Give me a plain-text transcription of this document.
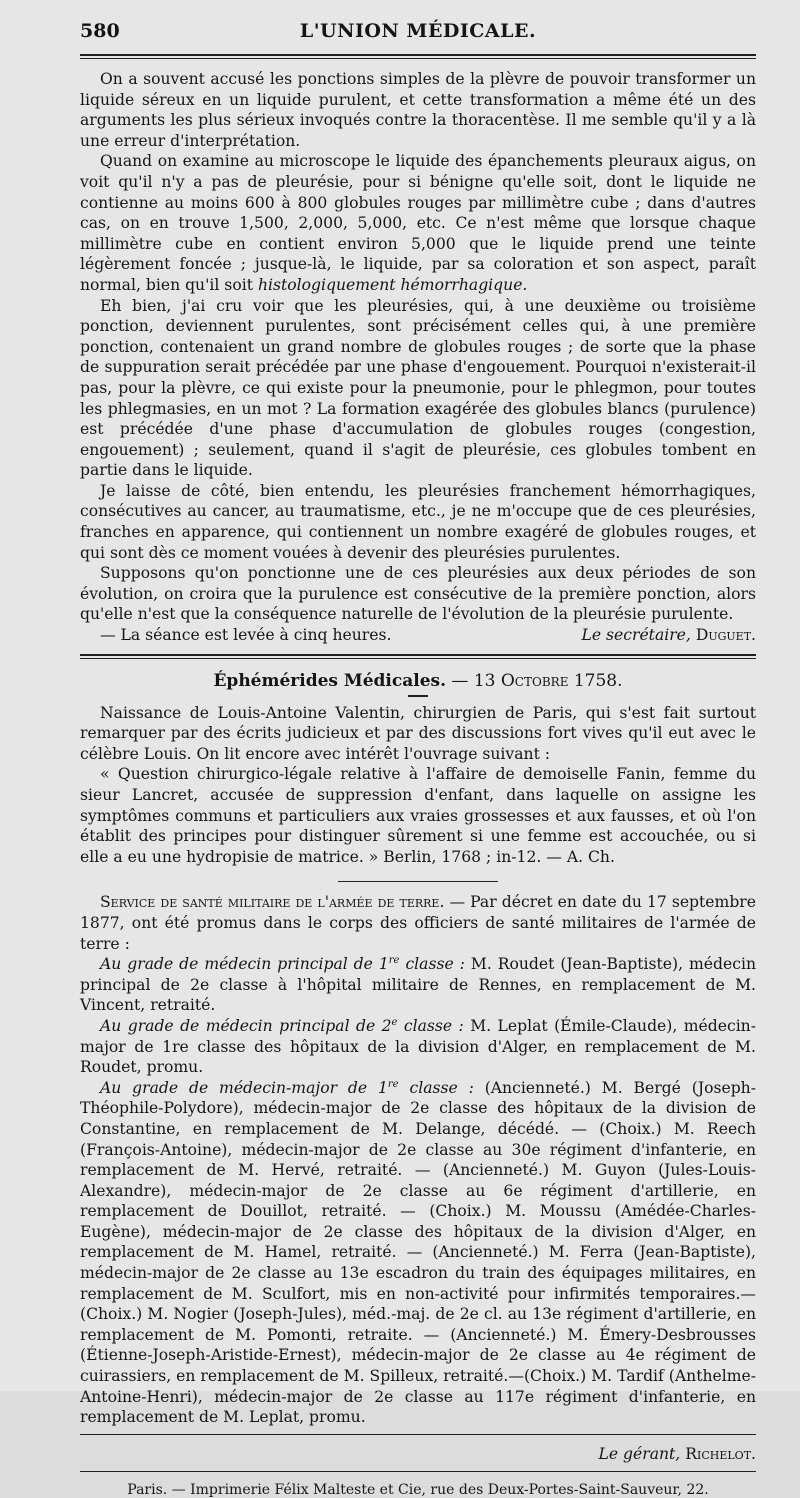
580	L'UNION MÉDICALE.

On a souvent accusé les ponctions simples de la plèvre de pouvoir transformer un liquide séreux en un liquide purulent, et cette transformation a même été un des arguments les plus sérieux invoqués contre la thoracentèse. Il me semble qu'il y a là une erreur d'interprétation.

Quand on examine au microscope le liquide des épanchements pleuraux aigus, on voit qu'il n'y a pas de pleurésie, pour si bénigne qu'elle soit, dont le liquide ne contienne au moins 600 à 800 globules rouges par millimètre cube ; dans d'autres cas, on en trouve 1,500, 2,000, 5,000, etc. Ce n'est même que lorsque chaque millimètre cube en contient environ 5,000 que le liquide prend une teinte légèrement foncée ; jusque-là, le liquide, par sa coloration et son aspect, paraît normal, bien qu'il soit histologiquement hémorrhagique.

Eh bien, j'ai cru voir que les pleurésies, qui, à une deuxième ou troisième ponction, deviennent purulentes, sont précisément celles qui, à une première ponction, contenaient un grand nombre de globules rouges ; de sorte que la phase de suppuration serait précédée par une phase d'engouement. Pourquoi n'existerait-il pas, pour la plèvre, ce qui existe pour la pneumonie, pour le phlegmon, pour toutes les phlegmasies, en un mot ? La formation exagérée des globules blancs (purulence) est précédée d'une phase d'accumulation de globules rouges (congestion, engouement) ; seulement, quand il s'agit de pleurésie, ces globules tombent en partie dans le liquide.

Je laisse de côté, bien entendu, les pleurésies franchement hémorrhagiques, consécutives au cancer, au traumatisme, etc., je ne m'occupe que de ces pleurésies, franches en apparence, qui contiennent un nombre exagéré de globules rouges, et qui sont dès ce moment vouées à devenir des pleurésies purulentes.

Supposons qu'on ponctionne une de ces pleurésies aux deux périodes de son évolution, on croira que la purulence est consécutive de la première ponction, alors qu'elle n'est que la conséquence naturelle de l'évolution de la pleurésie purulente.

— La séance est levée à cinq heures.	Le secrétaire, Duguet.
Éphémérides Médicales. — 13 Octobre 1758.

Naissance de Louis-Antoine Valentin, chirurgien de Paris, qui s'est fait surtout remarquer par des écrits judicieux et par des discussions fort vives qu'il eut avec le célèbre Louis. On lit encore avec intérêt l'ouvrage suivant :

« Question chirurgico-légale relative à l'affaire de demoiselle Fanin, femme du sieur Lancret, accusée de suppression d'enfant, dans laquelle on assigne les symptômes communs et particuliers aux vraies grossesses et aux fausses, et où l'on établit des principes pour distinguer sûrement si une femme est accouchée, ou si elle a eu une hydropisie de matrice. » Berlin, 1768 ; in-12. — A. Ch.

Service de santé militaire de l'armée de terre. — Par décret en date du 17 septembre 1877, ont été promus dans le corps des officiers de santé militaires de l'armée de terre :

Au grade de médecin principal de 1re classe : M. Roudet (Jean-Baptiste), médecin principal de 2e classe à l'hôpital militaire de Rennes, en remplacement de M. Vincent, retraité.

Au grade de médecin principal de 2e classe : M. Leplat (Émile-Claude), médecin-major de 1re classe des hôpitaux de la division d'Alger, en remplacement de M. Roudet, promu.

Au grade de médecin-major de 1re classe : (Ancienneté.) M. Bergé (Joseph-Théophile-Polydore), médecin-major de 2e classe des hôpitaux de la division de Constantine, en remplacement de M. Delange, décédé. — (Choix.) M. Reech (François-Antoine), médecin-major de 2e classe au 30e régiment d'infanterie, en remplacement de M. Hervé, retraité. — (Ancienneté.) M. Guyon (Jules-Louis-Alexandre), médecin-major de 2e classe au 6e régiment d'artillerie, en remplacement de Douillot, retraité. — (Choix.) M. Moussu (Amédée-Charles-Eugène), médecin-major de 2e classe des hôpitaux de la division d'Alger, en remplacement de M. Hamel, retraité. — (Ancienneté.) M. Ferra (Jean-Baptiste), médecin-major de 2e classe au 13e escadron du train des équipages militaires, en remplacement de M. Sculfort, mis en non-activité pour infirmités temporaires.—(Choix.) M. Nogier (Joseph-Jules), méd.-maj. de 2e cl. au 13e régiment d'artillerie, en remplacement de M. Pomonti, retraite. — (Ancienneté.) M. Émery-Desbrousses (Étienne-Joseph-Aristide-Ernest), médecin-major de 2e classe au 4e régiment de cuirassiers, en remplacement de M. Spilleux, retraité.—(Choix.) M. Tardif (Anthelme-Antoine-Henri), médecin-major de 2e classe au 117e régiment d'infanterie, en remplacement de M. Leplat, promu.

Le gérant, Richelot.
Paris. — Imprimerie Félix Malteste et Cie, rue des Deux-Portes-Saint-Sauveur, 22.
